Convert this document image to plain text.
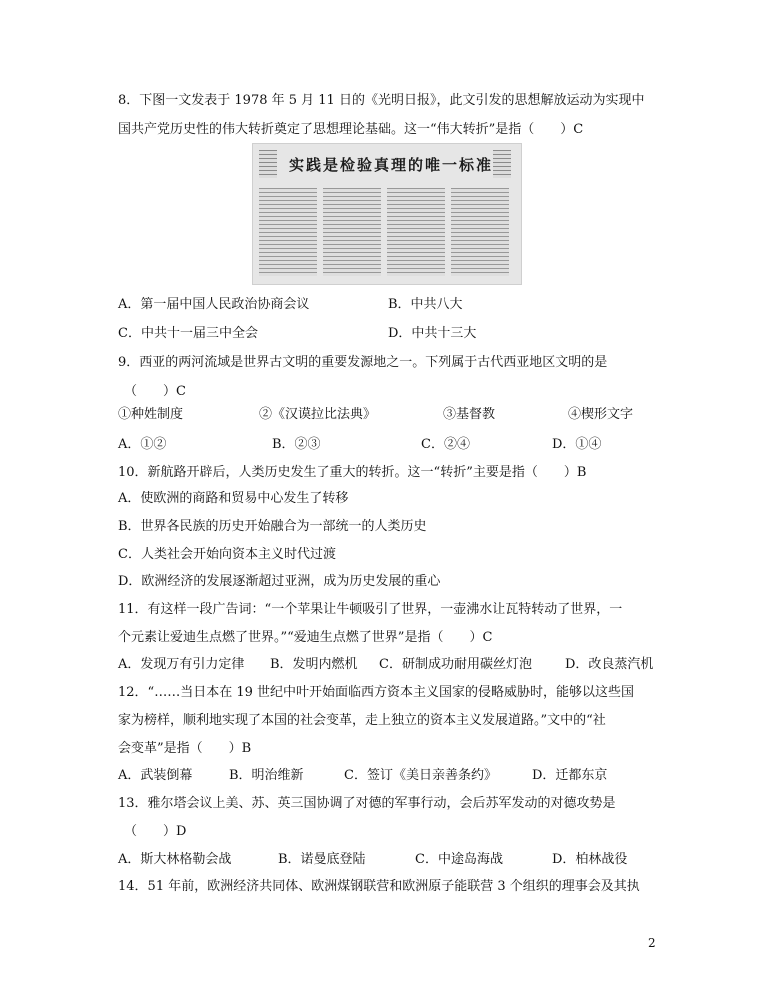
8．下图一文发表于 1978 年 5 月 11 日的《光明日报》，此文引发的思想解放运动为实现中
国共产党历史性的伟大转折奠定了思想理论基础。这一“伟大转折”是指（　　）C
实践是检验真理的唯一标准
A．第一届中国人民政治协商会议	B．中共八大
C．中共十一届三中全会	D．中共十三大
9．西亚的两河流域是世界古文明的重要发源地之一。下列属于古代西亚地区文明的是
（　　）C
①种姓制度	②《汉谟拉比法典》	③基督教	④楔形文字
A．①②	B．②③	C．②④	D．①④
10．新航路开辟后，人类历史发生了重大的转折。这一“转折”主要是指（　　）B
A．使欧洲的商路和贸易中心发生了转移
B．世界各民族的历史开始融合为一部统一的人类历史
C．人类社会开始向资本主义时代过渡
D．欧洲经济的发展逐渐超过亚洲，成为历史发展的重心
11．有这样一段广告词：“一个苹果让牛顿吸引了世界，一壶沸水让瓦特转动了世界，一
个元素让爱迪生点燃了世界。”“爱迪生点燃了世界”是指（　　）C
A．发现万有引力定律 B．发明内燃机 C．研制成功耐用碳丝灯泡	D．改良蒸汽机
12．“……当日本在 19 世纪中叶开始面临西方资本主义国家的侵略威胁时，能够以这些国
家为榜样，顺利地实现了本国的社会变革，走上独立的资本主义发展道路。”文中的“社
会变革”是指（　　）B
A．武装倒幕	B．明治维新	C．签订《美日亲善条约》	D．迁都东京
13．雅尔塔会议上美、苏、英三国协调了对德的军事行动，会后苏军发动的对德攻势是
（　　）D
A．斯大林格勒会战	B．诺曼底登陆	C．中途岛海战	D．柏林战役
14．51 年前，欧洲经济共同体、欧洲煤钢联营和欧洲原子能联营 3 个组织的理事会及其执
2
